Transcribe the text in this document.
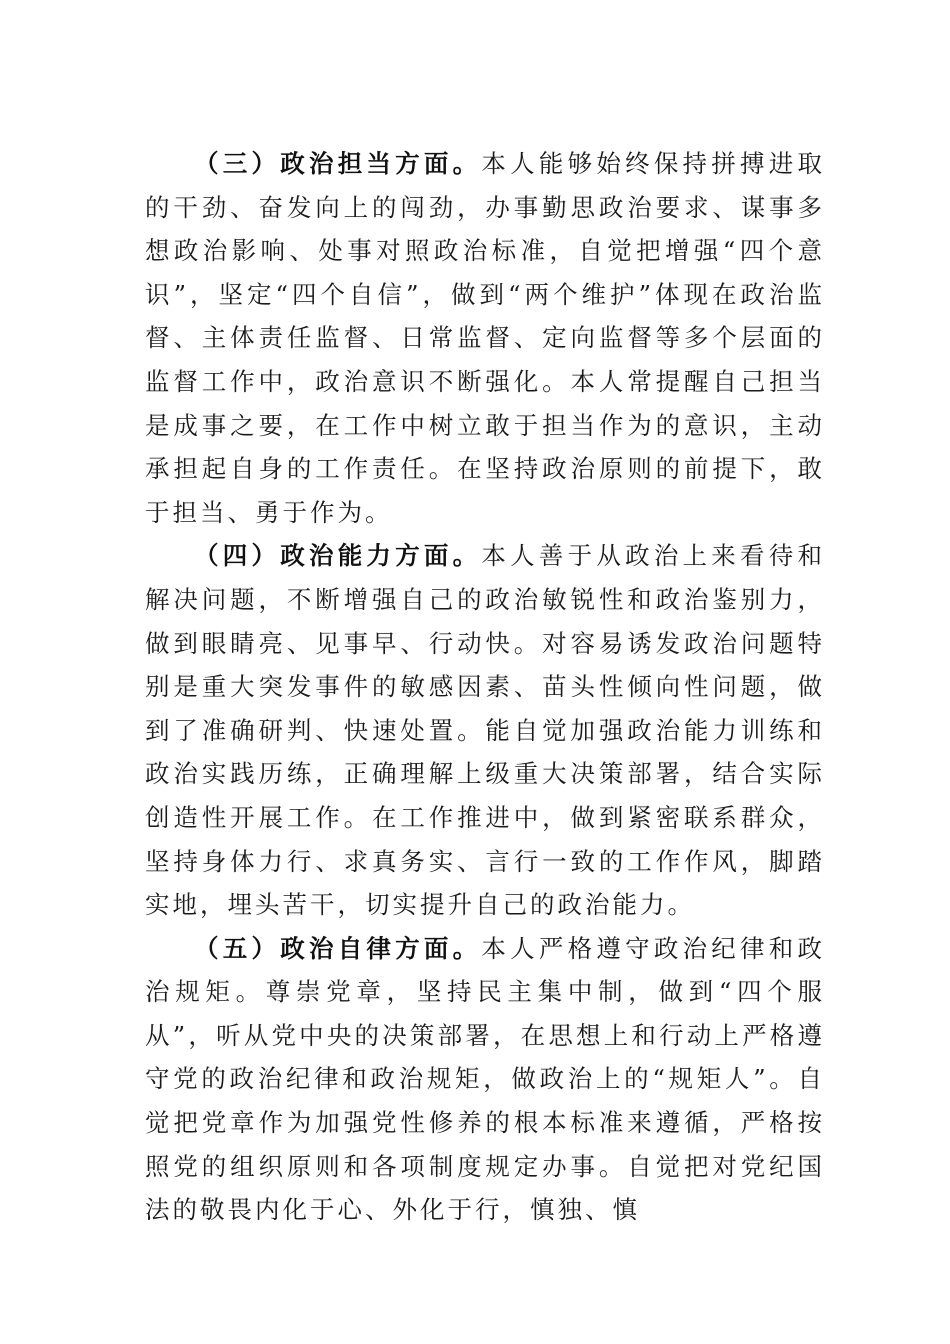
（三）政治担当方面。本人能够始终保持拼搏进取的干劲、奋发向上的闯劲，办事勤思政治要求、谋事多想政治影响、处事对照政治标准，自觉把增强“四个意识”，坚定“四个自信”，做到“两个维护”体现在政治监督、主体责任监督、日常监督、定向监督等多个层面的监督工作中，政治意识不断强化。本人常提醒自己担当是成事之要，在工作中树立敢于担当作为的意识，主动承担起自身的工作责任。在坚持政治原则的前提下，敢于担当、勇于作为。

（四）政治能力方面。本人善于从政治上来看待和解决问题，不断增强自己的政治敏锐性和政治鉴别力，做到眼睛亮、见事早、行动快。对容易诱发政治问题特别是重大突发事件的敏感因素、苗头性倾向性问题，做到了准确研判、快速处置。能自觉加强政治能力训练和政治实践历练，正确理解上级重大决策部署，结合实际创造性开展工作。在工作推进中，做到紧密联系群众，坚持身体力行、求真务实、言行一致的工作作风，脚踏实地，埋头苦干，切实提升自己的政治能力。

（五）政治自律方面。本人严格遵守政治纪律和政治规矩。尊崇党章，坚持民主集中制，做到“四个服从”，听从党中央的决策部署，在思想上和行动上严格遵守党的政治纪律和政治规矩，做政治上的“规矩人”。自觉把党章作为加强党性修养的根本标准来遵循，严格按照党的组织原则和各项制度规定办事。自觉把对党纪国法的敬畏内化于心、外化于行，慎独、慎
